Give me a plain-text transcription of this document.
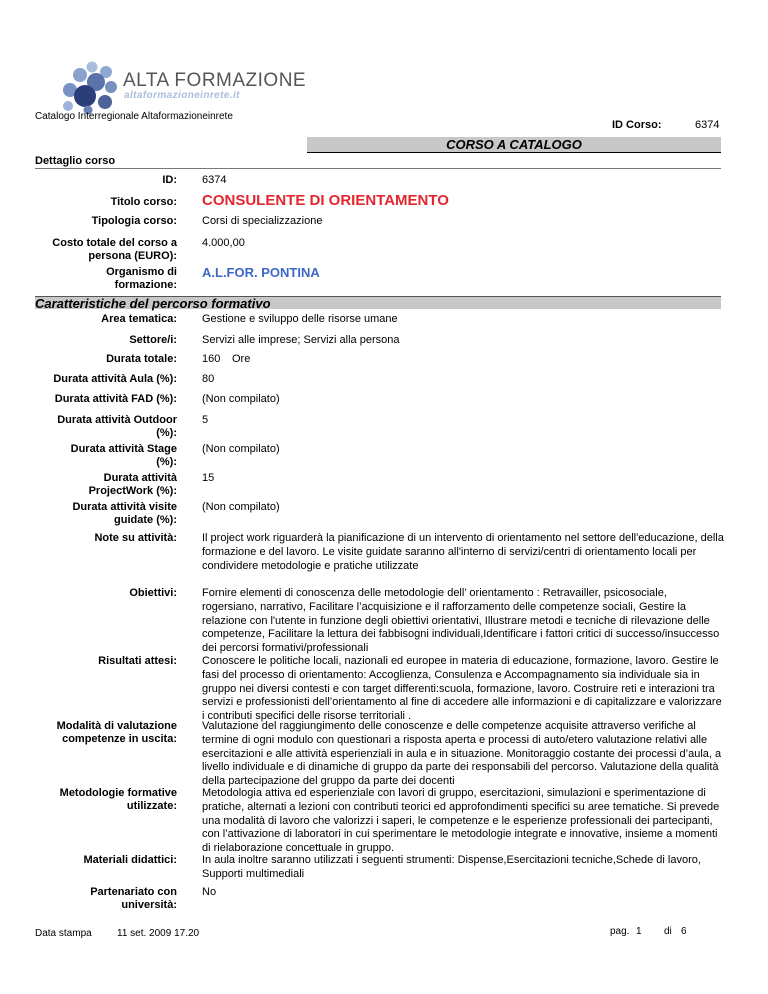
ALTA FORMAZIONE
altaformazioneinrete.it
Catalogo Interregionale Altaformazioneinrete
ID Corso:	6374
CORSO A CATALOGO
Dettaglio corso
ID: 6374
Titolo corso: CONSULENTE DI ORIENTAMENTO
Tipologia corso: Corsi di specializzazione
Costo totale del corso a persona (EURO):
4.000,00
Organismo di formazione:
A.L.FOR. PONTINA
Caratteristiche del percorso formativo
Area tematica: Gestione e sviluppo delle risorse umane
Settore/i: Servizi alle imprese; Servizi alla persona
Durata totale: 160 Ore
Durata attività Aula (%): 80
Durata attività FAD (%): (Non compilato)
Durata attività Outdoor (%):
5
Durata attività Stage (%):
(Non compilato)
Durata attività ProjectWork (%):
15
Durata attività visite guidate (%):
(Non compilato)
Note su attività: Il project work riguarderà la pianificazione di un intervento di orientamento nel settore dell'educazione, della formazione e del lavoro. Le visite guidate saranno all'interno di servizi/centri di orientamento locali per condividere metodologie e pratiche utilizzate
Obiettivi: Fornire elementi di conoscenza delle metodologie dell’ orientamento : Retravailler, psicosociale, rogersiano, narrativo, Facilitare l’acquisizione e il rafforzamento delle competenze sociali, Gestire la relazione con l'utente in funzione degli obiettivi orientativi, Illustrare metodi e tecniche di rilevazione delle competenze, Facilitare la lettura dei fabbisogni individuali,Identificare i fattori critici di successo/insuccesso dei percorsi formativi/professionali
Risultati attesi: Conoscere le politiche locali, nazionali ed europee in materia di educazione, formazione, lavoro. Gestire le fasi del processo di orientamento: Accoglienza, Consulenza e Accompagnamento sia individuale sia in gruppo nei diversi contesti e con target differenti:scuola, formazione, lavoro. Costruire reti e interazioni tra servizi e professionisti dell’orientamento al fine di accedere alle informazioni e di capitalizzare e valorizzare i contributi specifici delle risorse territoriali .
Modalità di valutazione competenze in uscita:
Valutazione del raggiungimento delle conoscenze e delle competenze acquisite attraverso verifiche al termine di ogni modulo con questionari a risposta aperta e processi di auto/etero valutazione relativi alle esercitazioni e alle attività esperienziali in aula e in situazione. Monitoraggio costante dei processi d’aula, a livello individuale e di dinamiche di gruppo da parte dei responsabili del percorso. Valutazione della qualità della partecipazione del gruppo da parte dei docenti
Metodologie formative utilizzate:
Metodologia attiva ed esperienziale con lavori di gruppo, esercitazioni, simulazioni e sperimentazione di pratiche, alternati a lezioni con contributi teorici ed approfondimenti specifici su aree tematiche. Si prevede una modalità di lavoro che valorizzi i saperi, le competenze e le esperienze professionali dei partecipanti, con l’attivazione di laboratori in cui sperimentare le metodologie integrate e innovative, insieme a momenti di rielaborazione concettuale in gruppo.
Materiali didattici: In aula inoltre saranno utilizzati i seguenti strumenti: Dispense,Esercitazioni tecniche,Schede di lavoro, Supporti multimediali
Partenariato con università:
No
Data stampa	11 set. 2009 17.20	pag. 1 di 6
